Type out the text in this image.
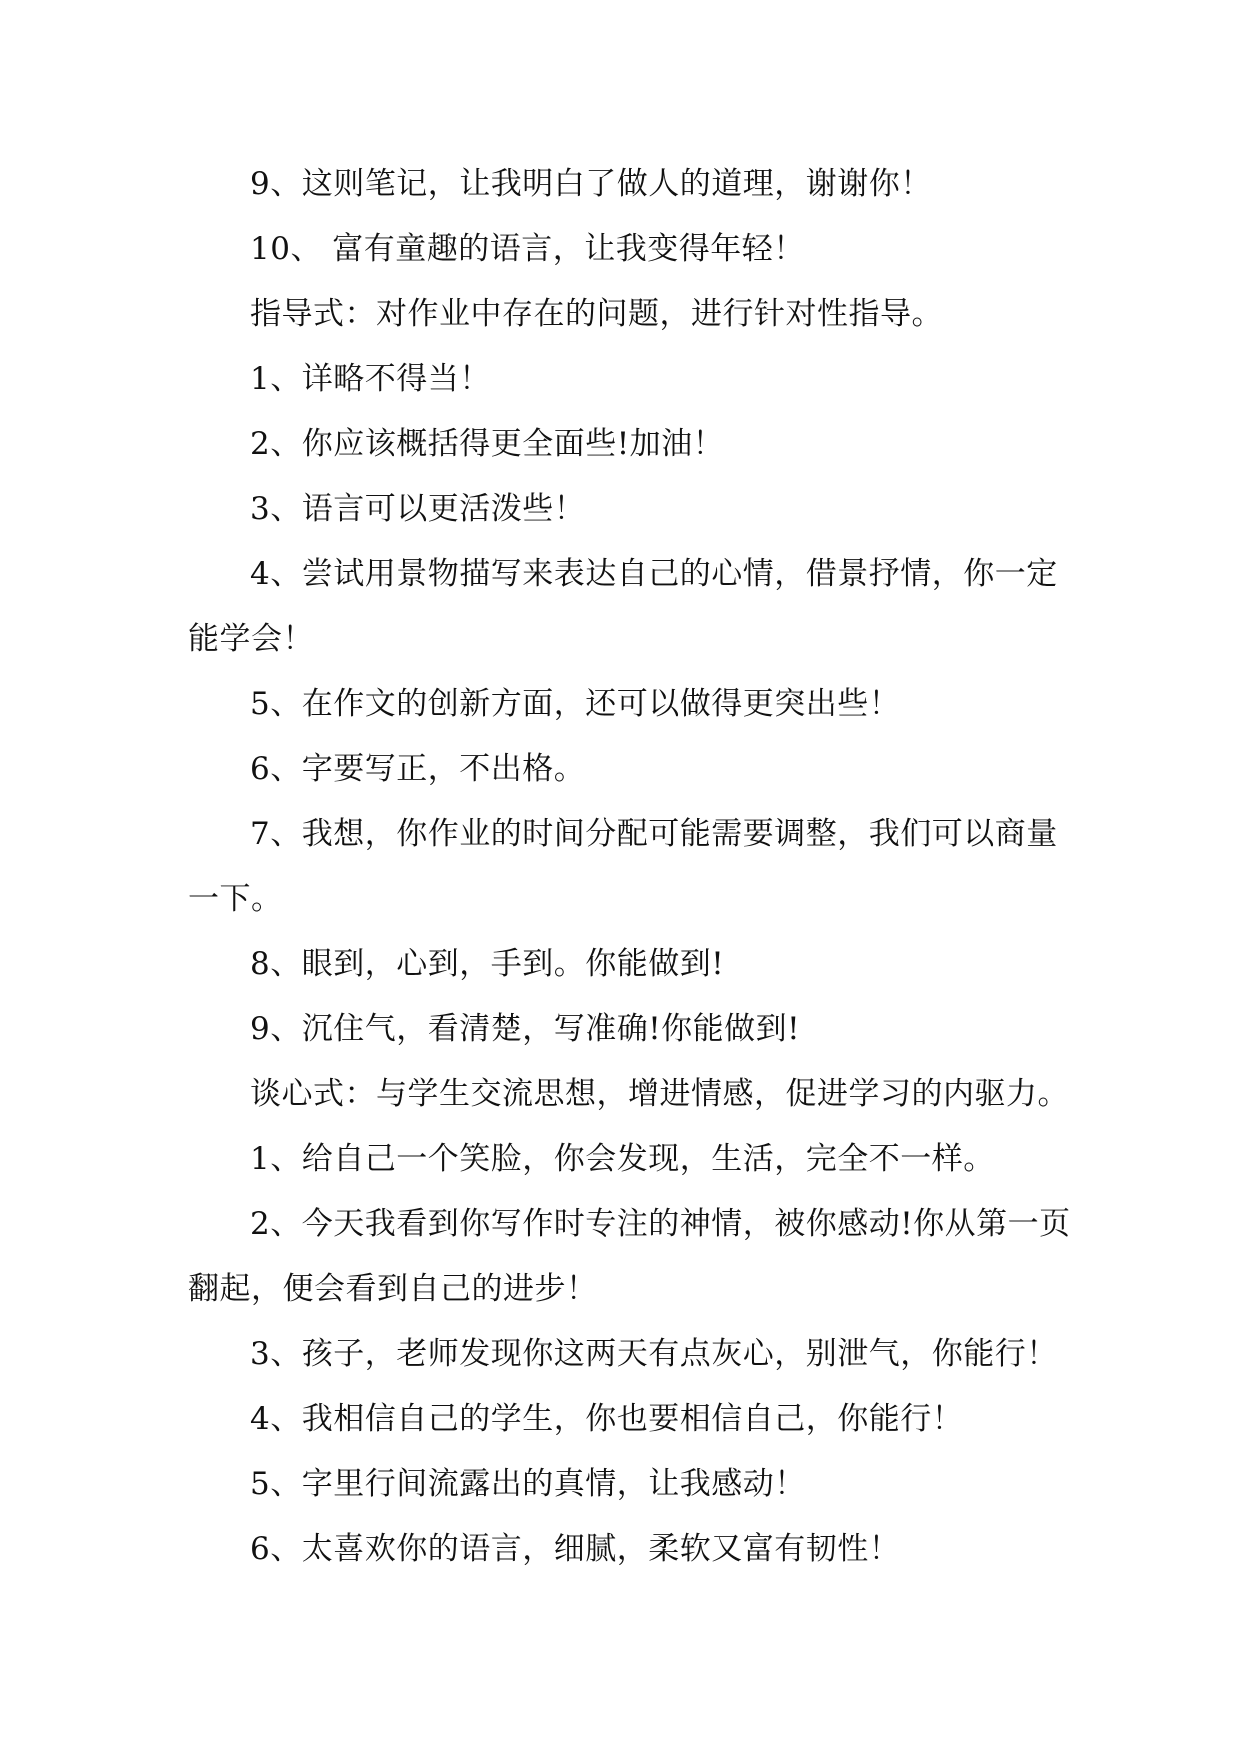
9、这则笔记，让我明白了做人的道理，谢谢你！
10、 富有童趣的语言，让我变得年轻！
指导式：对作业中存在的问题，进行针对性指导。
1、详略不得当！
2、你应该概括得更全面些!加油！
3、语言可以更活泼些！
4、尝试用景物描写来表达自己的心情，借景抒情，你一定
能学会！
5、在作文的创新方面，还可以做得更突出些！
6、字要写正，不出格。
7、我想，你作业的时间分配可能需要调整，我们可以商量
一下。
8、眼到，心到，手到。你能做到!
9、沉住气，看清楚，写准确!你能做到!
谈心式：与学生交流思想，增进情感，促进学习的内驱力。
1、给自己一个笑脸，你会发现，生活，完全不一样。
2、今天我看到你写作时专注的神情，被你感动!你从第一页
翻起，便会看到自己的进步！
3、孩子，老师发现你这两天有点灰心，别泄气，你能行！
4、我相信自己的学生，你也要相信自己，你能行！
5、字里行间流露出的真情，让我感动！
6、太喜欢你的语言，细腻，柔软又富有韧性！
